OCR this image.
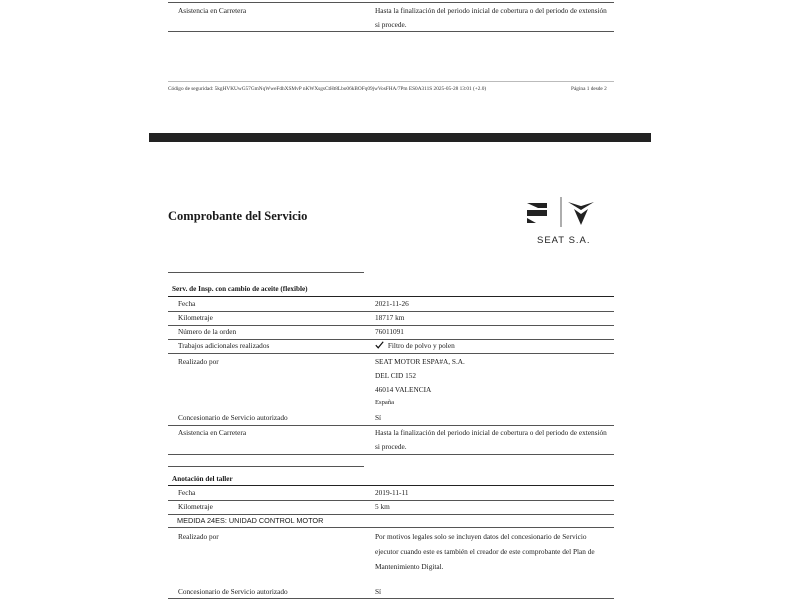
Asistencia en Carretera	Hasta la finalización del periodo inicial de cobertura o del periodo de extensión
si procede.
Código de seguridad: 5kgHVKUwG57GmNqWweFdhXSMvP nKWXsgsCtHt8Lbo06kBOFq09jwVosFHA/7Pm ES0A311S 2025-05-28 13:01 (+2.0)	Página 1 desde 2
Comprobante del Servicio
SEAT S.A.
Serv. de Insp. con cambio de aceite (flexible)
Fecha	2021-11-26
Kilometraje	18717 km
Número de la orden	76011091
Trabajos adicionales realizados	Filtro de polvo y polen
Realizado por	SEAT MOTOR ESPA#A, S.A.
DEL CID 152
46014 VALENCIA
España
Concesionario de Servicio autorizado	Sí
Asistencia en Carretera	Hasta la finalización del periodo inicial de cobertura o del periodo de extensión
si procede.
Anotación del taller
Fecha	2019-11-11
Kilometraje	5 km
MEDIDA 24ES: UNIDAD CONTROL MOTOR
Realizado por	Por motivos legales solo se incluyen datos del concesionario de Servicio
ejecutor cuando este es también el creador de este comprobante del Plan de
Mantenimiento Digital.
Concesionario de Servicio autorizado	Sí
